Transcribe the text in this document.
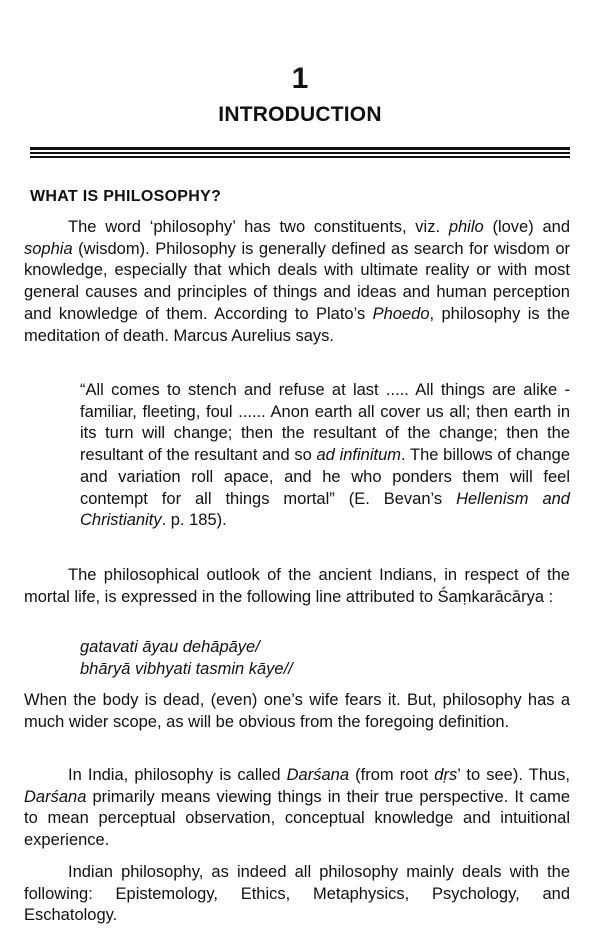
1
INTRODUCTION
WHAT IS PHILOSOPHY?
The word ‘philosophy’ has two constituents, viz. philo (love) and sophia (wisdom). Philosophy is generally defined as search for wisdom or knowledge, especially that which deals with ultimate reality or with most general causes and principles of things and ideas and human perception and knowledge of them. According to Plato’s Phoedo, philosophy is the meditation of death. Marcus Aurelius says.
“All comes to stench and refuse at last ..... All things are alike - familiar, fleeting, foul ...... Anon earth all cover us all; then earth in its turn will change; then the resultant of the change; then the resultant of the resultant and so ad infinitum. The billows of change and variation roll apace, and he who ponders them will feel contempt for all things mortal” (E. Bevan’s Hellenism and Christianity. p. 185).
The philosophical outlook of the ancient Indians, in respect of the mortal life, is expressed in the following line attributed to Śaṃkarācārya :
gatavati āyau dehāpāye/
bhāryā vibhyati tasmin kāye//
When the body is dead, (even) one’s wife fears it. But, philosophy has a much wider scope, as will be obvious from the foregoing definition.
In India, philosophy is called Darśana (from root dṛs’ to see). Thus, Darśana primarily means viewing things in their true perspective. It came to mean perceptual observation, conceptual knowledge and intuitional experience.
Indian philosophy, as indeed all philosophy mainly deals with the following: Epistemology, Ethics, Metaphysics, Psychology, and Eschatology.
